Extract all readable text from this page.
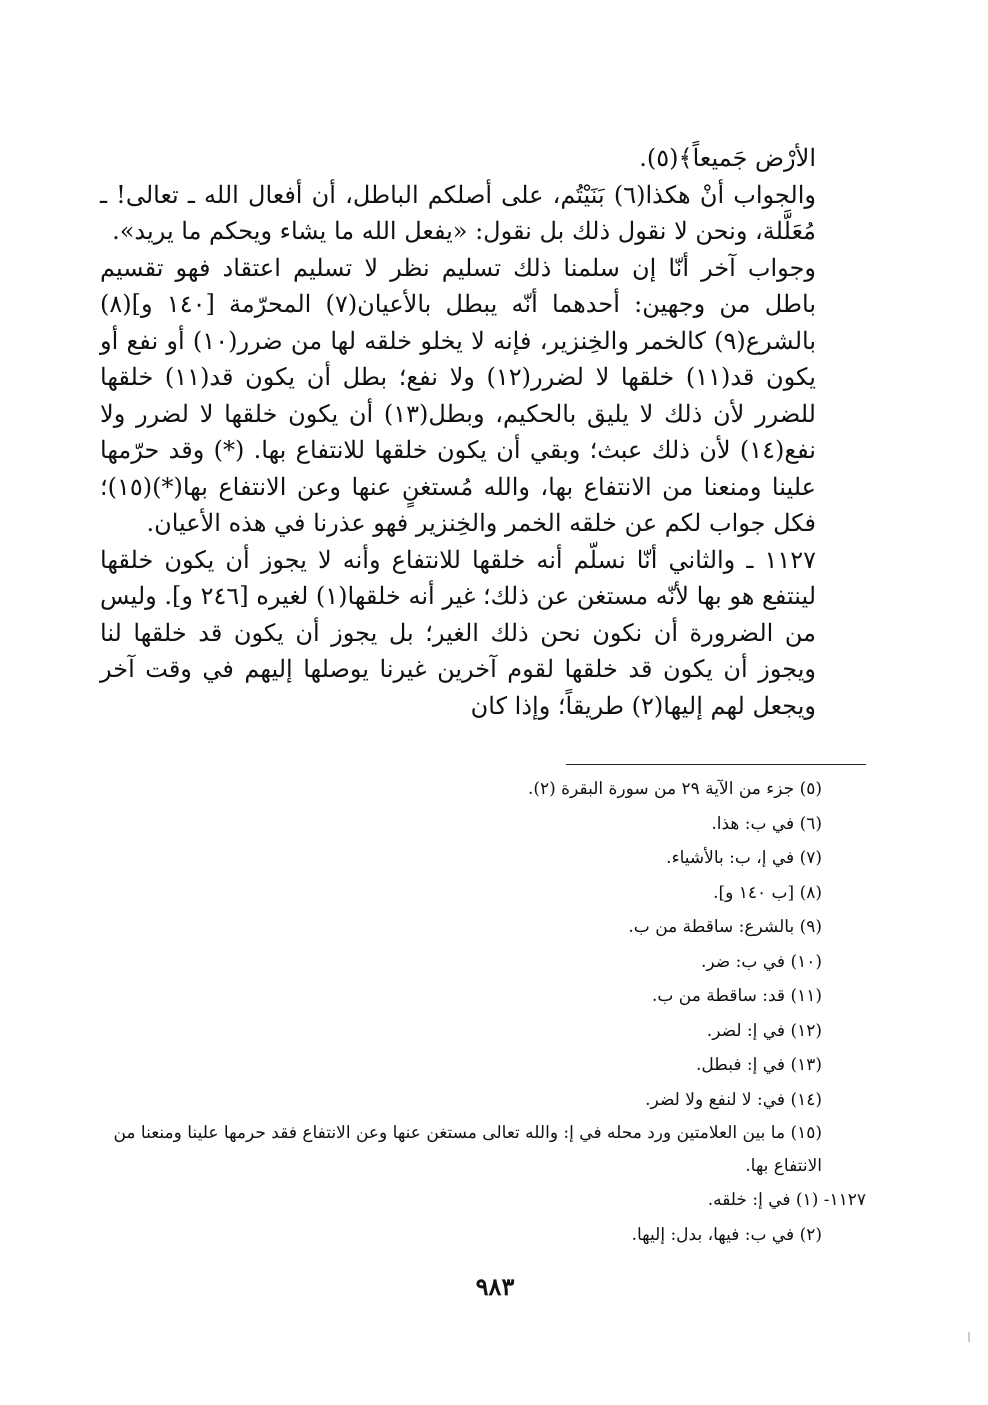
الأرْض جَميعاً﴾(٥).

والجواب أنْ هكذا(٦) بَنَيْتُم، على أصلكم الباطل، أن أفعال الله ـ تعالى! ـ مُعَلَّلة، ونحن لا نقول ذلك بل نقول: «يفعل الله ما يشاء ويحكم ما يريد».

وجواب آخر أنّا إن سلمنا ذلك تسليم نظر لا تسليم اعتقاد فهو تقسيم باطل من وجهين: أحدهما أنّه يبطل بالأعيان(٧) المحرّمة [١٤٠ و](٨) بالشرع(٩) كالخمر والخِنزير، فإنه لا يخلو خلقه لها من ضرر(١٠) أو نفع أو يكون قد(١١) خلقها لا لضرر(١٢) ولا نفع؛ بطل أن يكون قد(١١) خلقها للضرر لأن ذلك لا يليق بالحكيم، وبطل(١٣) أن يكون خلقها لا لضرر ولا نفع(١٤) لأن ذلك عبث؛ وبقي أن يكون خلقها للانتفاع بها. (*) وقد حرّمها علينا ومنعنا من الانتفاع بها، والله مُستغنٍ عنها وعن الانتفاع بها(*)(١٥)؛ فكل جواب لكم عن خلقه الخمر والخِنزير فهو عذرنا في هذه الأعيان.

١١٢٧ ـ والثاني أنّا نسلّم أنه خلقها للانتفاع وأنه لا يجوز أن يكون خلقها لينتفع هو بها لأنّه مستغن عن ذلك؛ غير أنه خلقها(١) لغيره [٢٤٦ و]. وليس من الضرورة أن نكون نحن ذلك الغير؛ بل يجوز أن يكون قد خلقها لنا ويجوز أن يكون قد خلقها لقوم آخرين غيرنا يوصلها إليهم في وقت آخر ويجعل لهم إليها(٢) طريقاً؛ وإذا كان

(٥) جزء من الآية ٢٩ من سورة البقرة (٢).

(٦) في ب: هذا.

(٧) في إ، ب: بالأشياء.

(٨) [ب ١٤٠ و].

(٩) بالشرع: ساقطة من ب.

(١٠) في ب: ضر.

(١١) قد: ساقطة من ب.

(١٢) في إ: لضر.

(١٣) في إ: فبطل.

(١٤) في: لا لنفع ولا لضر.

(١٥) ما بين العلامتين ورد محله في إ: والله تعالى مستغن عنها وعن الانتفاع فقد حرمها علينا ومنعنا من الانتفاع بها.

١١٢٧- (١) في إ: خلقه.

(٢) في ب: فيها، بدل: إليها.

٩٨٣
